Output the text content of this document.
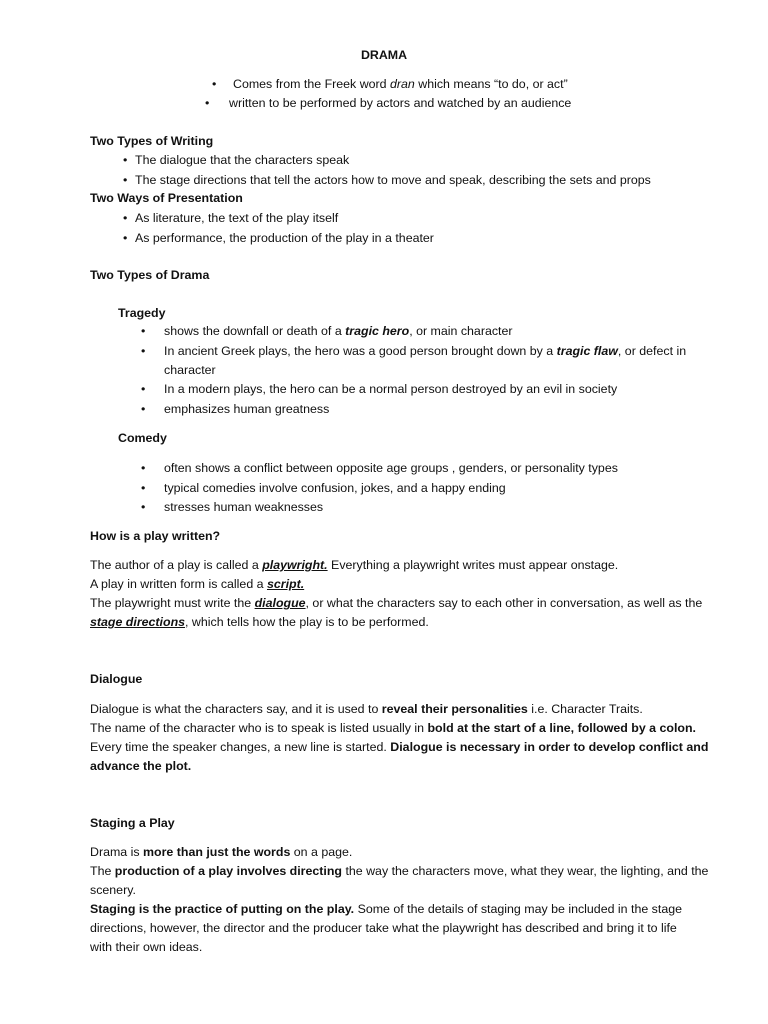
DRAMA
•	Comes from the Freek word dran which means “to do, or act”
•	written to be performed by actors and watched by an audience
Two Types of Writing
• The dialogue that the characters speak
• The stage directions that tell the actors how to move and speak, describing the sets and props
Two Ways of Presentation
• As literature, the text of the play itself
• As performance, the production of the play in a theater
Two Types of Drama
Tragedy
•	shows the downfall or death of a tragic hero, or main character
•	In ancient Greek plays, the hero was a good person brought down by a tragic flaw, or defect in
character
•	In a modern plays, the hero can be a normal person destroyed by an evil in society
•	emphasizes human greatness
Comedy
•	often shows a conflict between opposite age groups , genders, or personality types
•	typical comedies involve confusion, jokes, and a happy ending
•	stresses human weaknesses
How is a play written?
The author of a play is called a playwright. Everything a playwright writes must appear onstage.
A play in written form is called a script.
The playwright must write the dialogue, or what the characters say to each other in conversation, as well as the
stage directions, which tells how the play is to be performed.
Dialogue
Dialogue is what the characters say, and it is used to reveal their personalities i.e. Character Traits.
The name of the character who is to speak is listed usually in bold at the start of a line, followed by a colon.
Every time the speaker changes, a new line is started. Dialogue is necessary in order to develop conflict and
advance the plot.
Staging a Play
Drama is more than just the words on a page.
The production of a play involves directing the way the characters move, what they wear, the lighting, and the
scenery.
Staging is the practice of putting on the play. Some of the details of staging may be included in the stage
directions, however, the director and the producer take what the playwright has described and bring it to life
with their own ideas.
